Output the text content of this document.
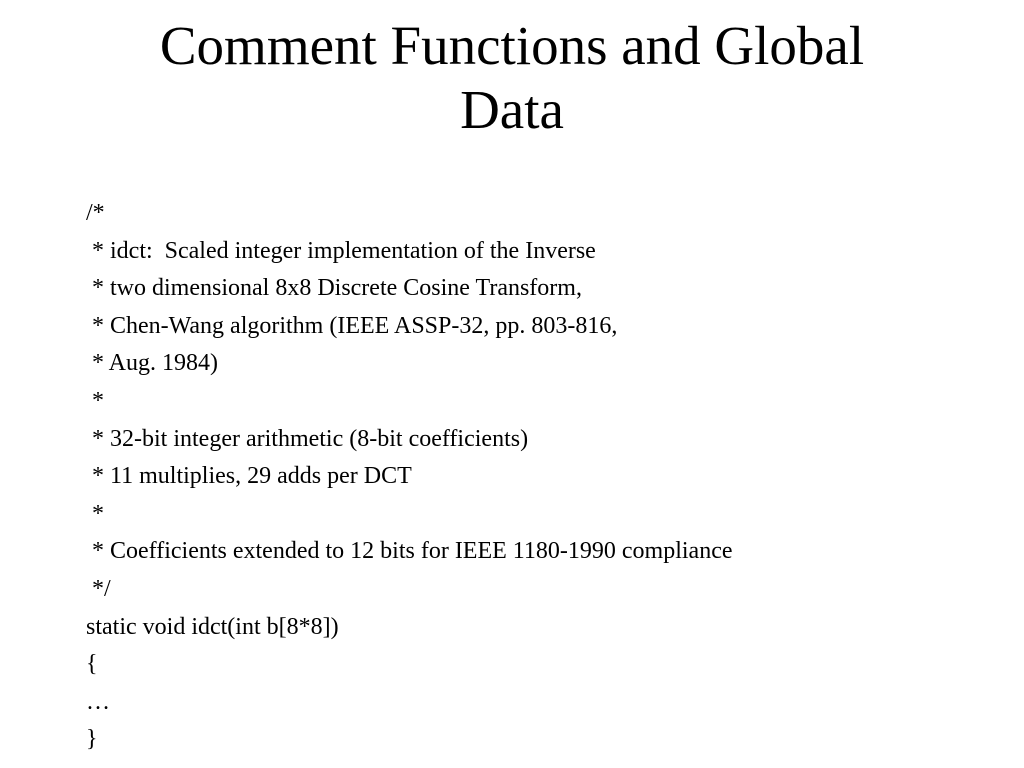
Comment Functions and Global
Data
/*
* idct:  Scaled integer implementation of the Inverse
* two dimensional 8x8 Discrete Cosine Transform,
* Chen-Wang algorithm (IEEE ASSP-32, pp. 803-816,
* Aug. 1984)
*
* 32-bit integer arithmetic (8-bit coefficients)
* 11 multiplies, 29 adds per DCT
*
* Coefficients extended to 12 bits for IEEE 1180-1990 compliance
*/
static void idct(int b[8*8])
{
…
}
